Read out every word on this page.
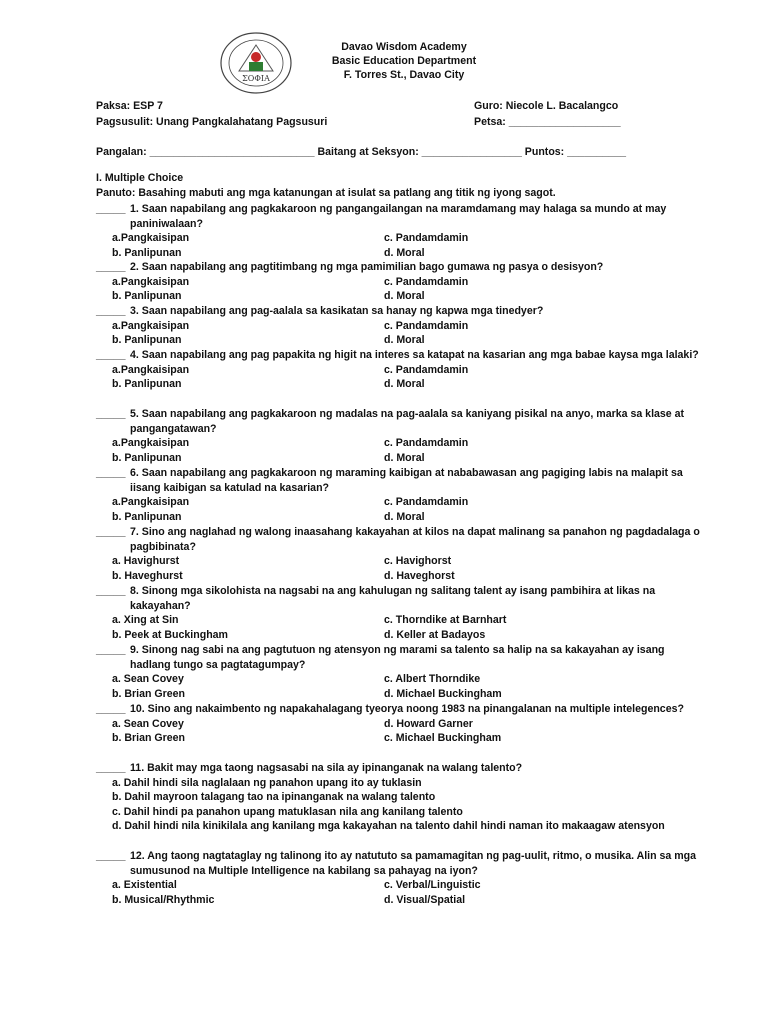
ΣΟΦΙΑ
Davao Wisdom Academy
Basic Education Department
F. Torres St., Davao City
Paksa: ESP 7	Guro: Niecole L. Bacalangco
Pagsusulit: Unang Pangkalahatang Pagsusuri	Petsa: ___________________
Pangalan: ____________________________ Baitang at Seksyon: _________________ Puntos: __________
I. Multiple Choice
Panuto: Basahing mabuti ang mga katanungan at isulat sa patlang ang titik ng iyong sagot.
_____ 1. Saan napabilang ang pagkakaroon ng pangangailangan na maramdamang may halaga sa mundo at may paniniwalaan?
a.Pangkaisipan	c. Pandamdamin
b. Panlipunan	d. Moral
_____ 2. Saan napabilang ang pagtitimbang ng mga pamimilian bago gumawa ng pasya o desisyon?
a.Pangkaisipan	c. Pandamdamin
b. Panlipunan	d. Moral
_____ 3. Saan napabilang ang pag-aalala sa kasikatan sa hanay ng kapwa mga tinedyer?
a.Pangkaisipan	c. Pandamdamin
b. Panlipunan	d. Moral
_____ 4. Saan napabilang ang pag papakita ng higit na interes sa katapat na kasarian ang mga babae kaysa mga lalaki?
a.Pangkaisipan	c. Pandamdamin
b. Panlipunan	d. Moral
_____ 5. Saan napabilang ang pagkakaroon ng madalas na pag-aalala sa kaniyang pisikal na anyo, marka sa klase at pangangatawan?
a.Pangkaisipan	c. Pandamdamin
b. Panlipunan	d. Moral
_____ 6. Saan napabilang ang pagkakaroon ng maraming kaibigan at nababawasan ang pagiging labis na malapit sa iisang kaibigan sa katulad na kasarian?
a.Pangkaisipan	c. Pandamdamin
b. Panlipunan	d. Moral
_____ 7. Sino ang naglahad ng walong inaasahang kakayahan at kilos na dapat malinang sa panahon ng pagdadalaga o pagbibinata?
a. Havighurst	c. Havighorst
b. Haveghurst	d. Haveghorst
_____ 8. Sinong mga sikolohista na nagsabi na ang kahulugan ng salitang talent ay isang pambihira at likas na kakayahan?
a. Xing at Sin	c. Thorndike at Barnhart
b. Peek at Buckingham	d. Keller at Badayos
_____ 9. Sinong nag sabi na ang pagtutuon ng atensyon ng marami sa talento sa halip na sa kakayahan ay isang hadlang tungo sa pagtatagumpay?
a. Sean Covey	c. Albert Thorndike
b. Brian Green	d. Michael Buckingham
_____ 10. Sino ang nakaimbento ng napakahalagang tyeorya noong 1983 na pinangalanan na multiple intelegences?
a. Sean Covey	d. Howard Garner
b. Brian Green	c. Michael Buckingham
_____ 11. Bakit may mga taong nagsasabi na sila ay ipinanganak na walang talento?
a. Dahil hindi sila naglalaan ng panahon upang ito ay tuklasin
b. Dahil mayroon talagang tao na ipinanganak na walang talento
c. Dahil hindi pa panahon upang matuklasan nila ang kanilang talento
d. Dahil hindi nila kinikilala ang kanilang mga kakayahan na talento dahil hindi naman ito makaagaw atensyon
_____ 12. Ang taong nagtataglay ng talinong ito ay natututo sa pamamagitan ng pag-uulit, ritmo, o musika. Alin sa mga sumusunod na Multiple Intelligence na kabilang sa pahayag na iyon?
a. Existential	c. Verbal/Linguistic
b. Musical/Rhythmic	d. Visual/Spatial
